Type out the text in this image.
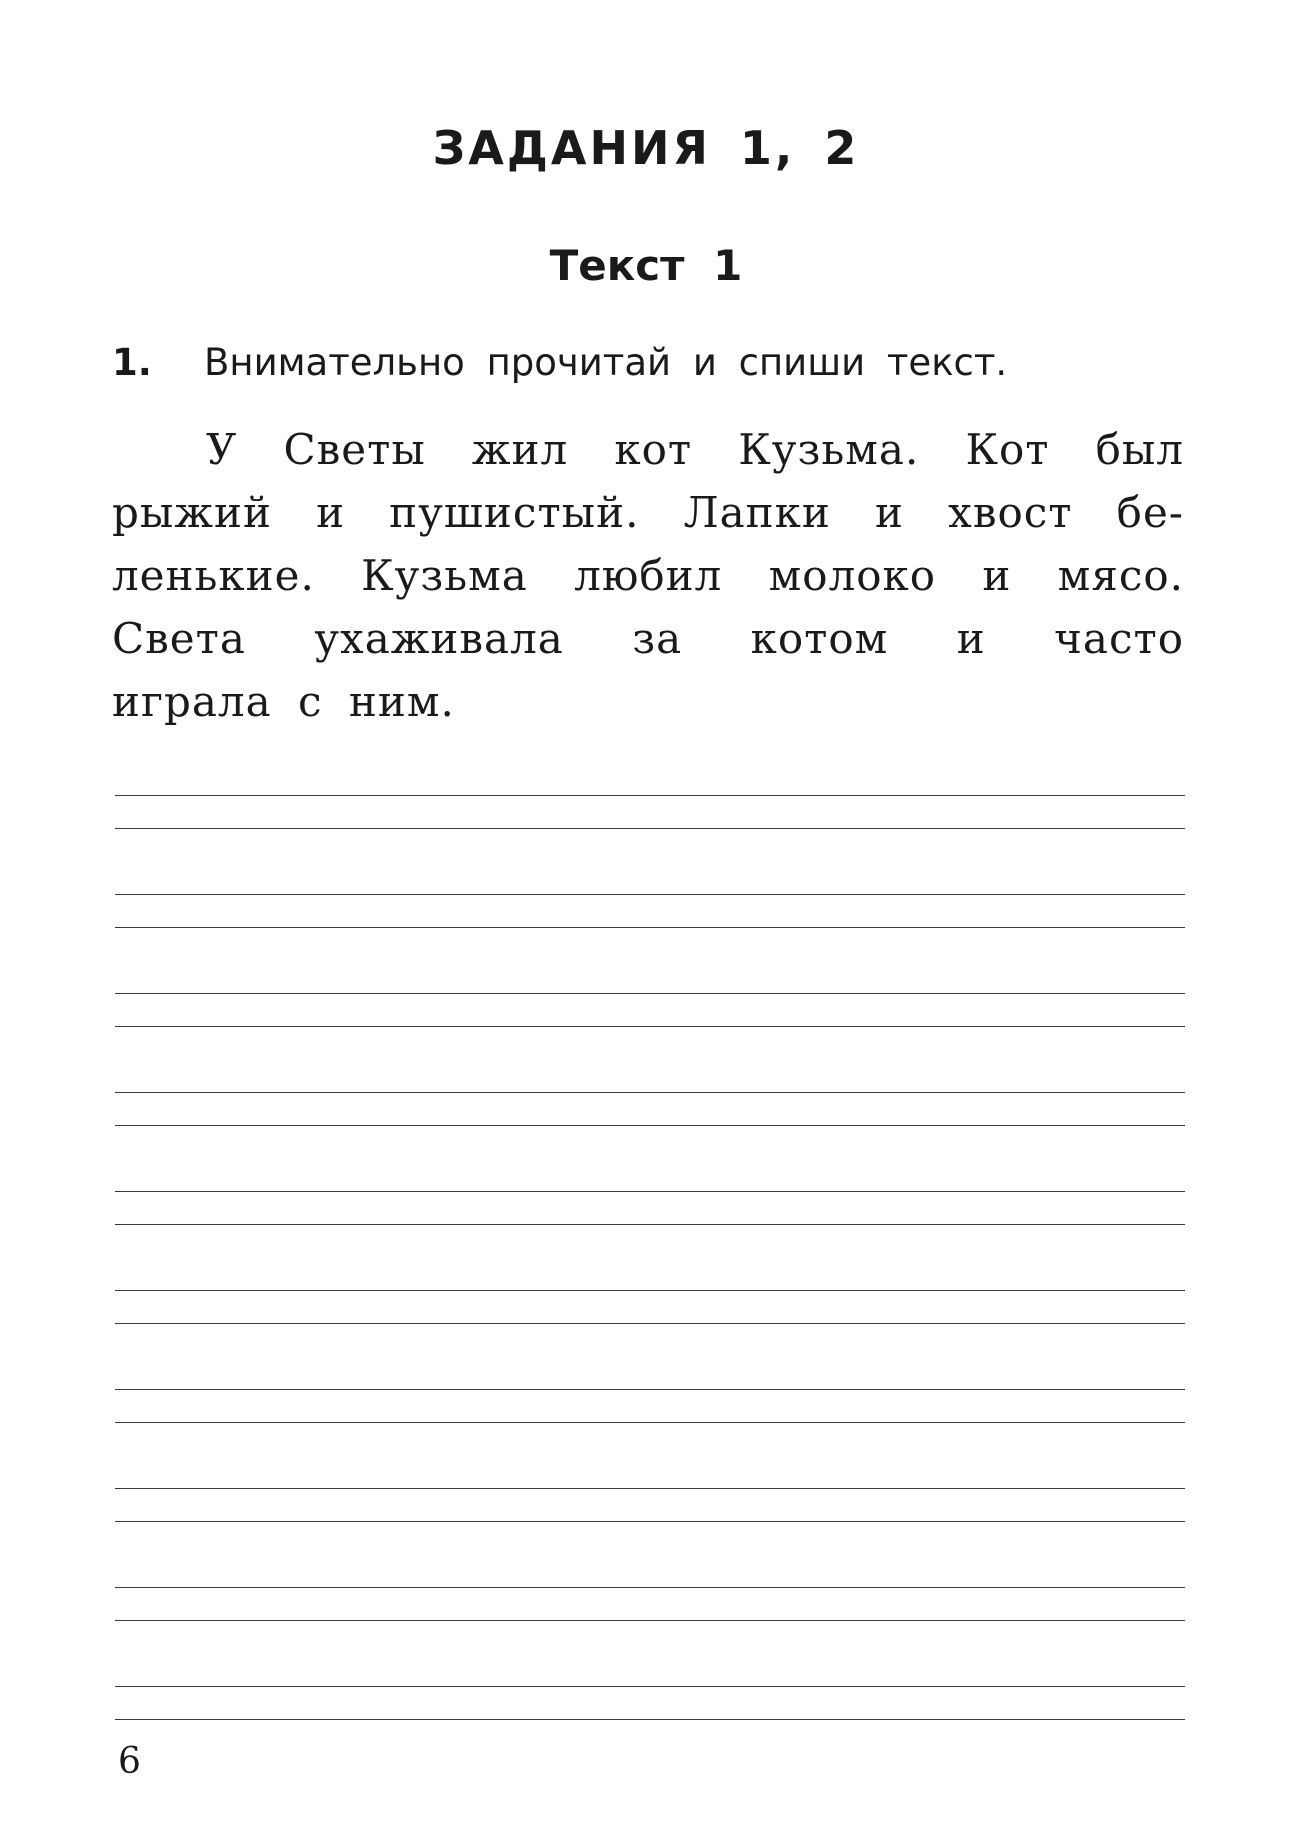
ЗАДАНИЯ 1, 2
Текст 1
1. Внимательно прочитай и спиши текст.
У Светы жил кот Кузьма. Кот был
рыжий и пушистый. Лапки и хвост бе-
ленькие. Кузьма любил молоко и мясо.
Света ухаживала за котом и часто
играла с ним.
6
